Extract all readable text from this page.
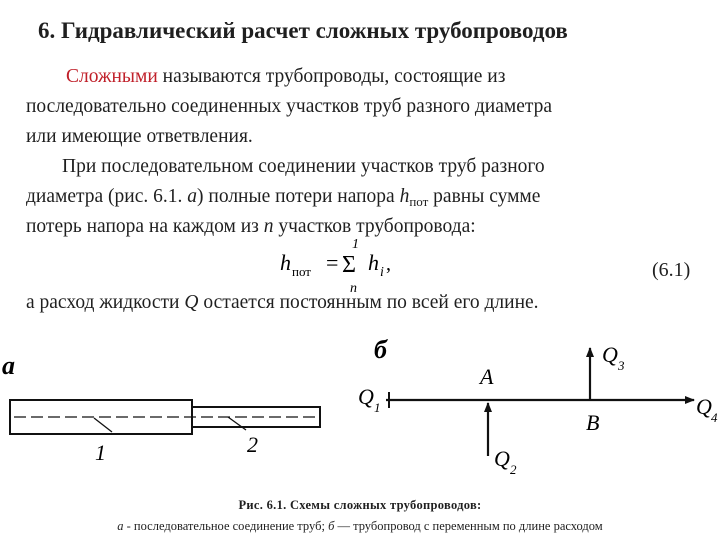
6. Гидравлический расчет сложных трубопроводов
Сложными называются трубопроводы, состоящие из
последовательно соединенных участков труб разного диаметра
или имеющие ответвления.
При последовательном соединении участков труб разного
диаметра (рис. 6.1. а) полные потери напора $h_{пот}$ равны сумме
потерь напора на каждом из n участков трубопровода:
h пот =
1
Σ
n
h i ,	(6.1)
а расход жидкости Q остается постоянным по всей его длине.
а
1	2
б
Q 1
Q 2
Q 3
Q 4
A
B
Рис. 6.1. Схемы сложных трубопроводов:
а - последовательное соединение труб; б — трубопровод с переменным по длине расходом
